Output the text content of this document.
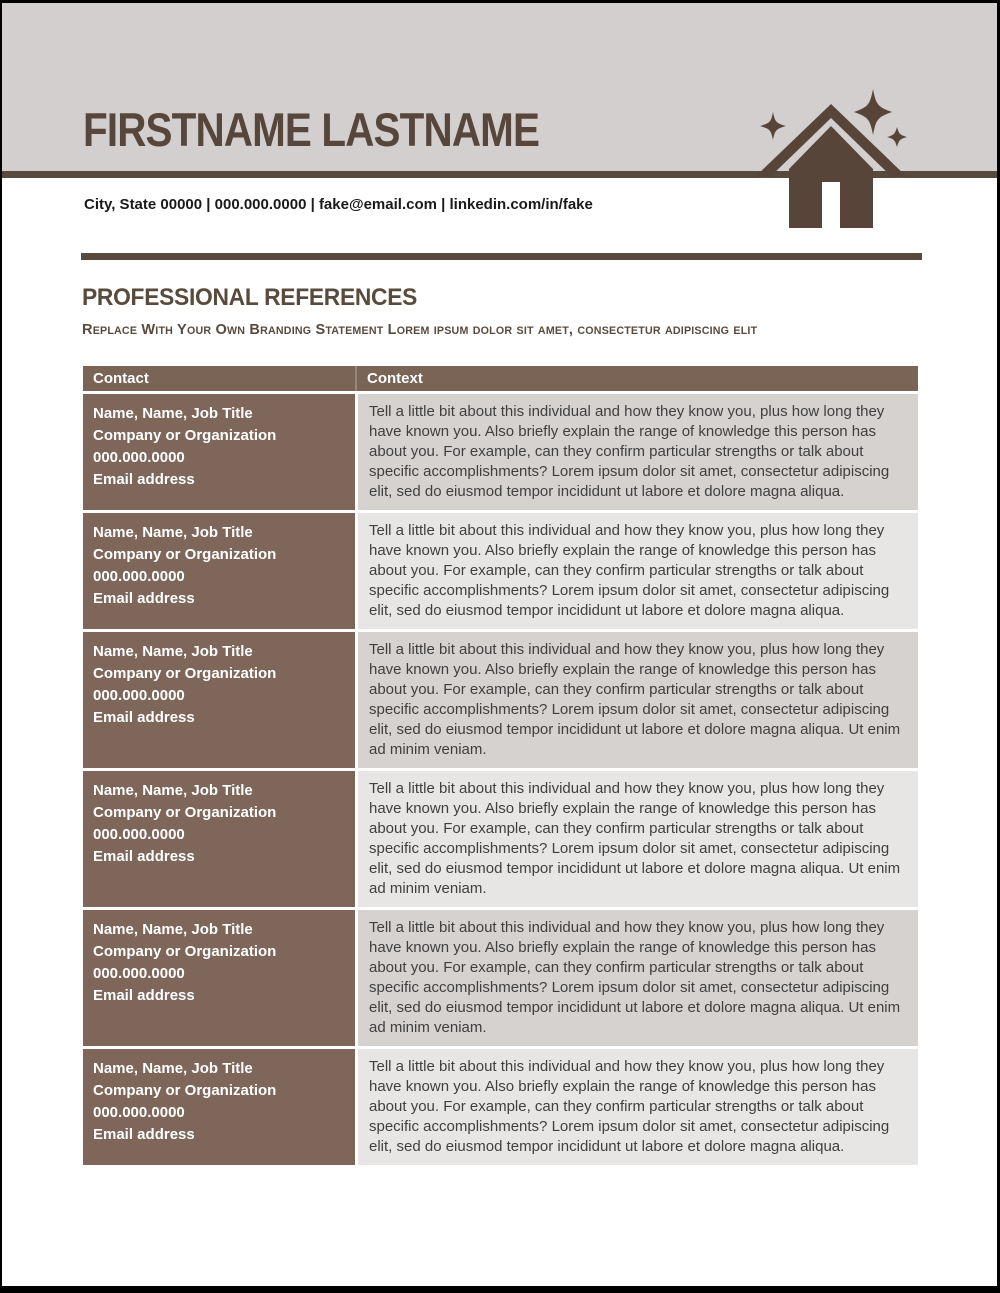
FIRSTNAME LASTNAME
City, State 00000 | 000.000.0000 | fake@email.com | linkedin.com/in/fake
PROFESSIONAL REFERENCES
Replace With Your Own Branding Statement Lorem ipsum dolor sit amet, consectetur adipiscing elit
Contact	Context
Name, Name, Job Title
Company or Organization
000.000.0000
Email address
Tell a little bit about this individual and how they know you, plus how long they have known you. Also briefly explain the range of knowledge this person has about you. For example, can they confirm particular strengths or talk about specific accomplishments? Lorem ipsum dolor sit amet, consectetur adipiscing elit, sed do eiusmod tempor incididunt ut labore et dolore magna aliqua.
Name, Name, Job Title
Company or Organization
000.000.0000
Email address
Tell a little bit about this individual and how they know you, plus how long they have known you. Also briefly explain the range of knowledge this person has about you. For example, can they confirm particular strengths or talk about specific accomplishments? Lorem ipsum dolor sit amet, consectetur adipiscing elit, sed do eiusmod tempor incididunt ut labore et dolore magna aliqua.
Name, Name, Job Title
Company or Organization
000.000.0000
Email address
Tell a little bit about this individual and how they know you, plus how long they have known you. Also briefly explain the range of knowledge this person has about you. For example, can they confirm particular strengths or talk about specific accomplishments? Lorem ipsum dolor sit amet, consectetur adipiscing elit, sed do eiusmod tempor incididunt ut labore et dolore magna aliqua. Ut enim ad minim veniam.
Name, Name, Job Title
Company or Organization
000.000.0000
Email address
Tell a little bit about this individual and how they know you, plus how long they have known you. Also briefly explain the range of knowledge this person has about you. For example, can they confirm particular strengths or talk about specific accomplishments? Lorem ipsum dolor sit amet, consectetur adipiscing elit, sed do eiusmod tempor incididunt ut labore et dolore magna aliqua. Ut enim ad minim veniam.
Name, Name, Job Title
Company or Organization
000.000.0000
Email address
Tell a little bit about this individual and how they know you, plus how long they have known you. Also briefly explain the range of knowledge this person has about you. For example, can they confirm particular strengths or talk about specific accomplishments? Lorem ipsum dolor sit amet, consectetur adipiscing elit, sed do eiusmod tempor incididunt ut labore et dolore magna aliqua. Ut enim ad minim veniam.
Name, Name, Job Title
Company or Organization
000.000.0000
Email address
Tell a little bit about this individual and how they know you, plus how long they have known you. Also briefly explain the range of knowledge this person has about you. For example, can they confirm particular strengths or talk about specific accomplishments? Lorem ipsum dolor sit amet, consectetur adipiscing elit, sed do eiusmod tempor incididunt ut labore et dolore magna aliqua.
